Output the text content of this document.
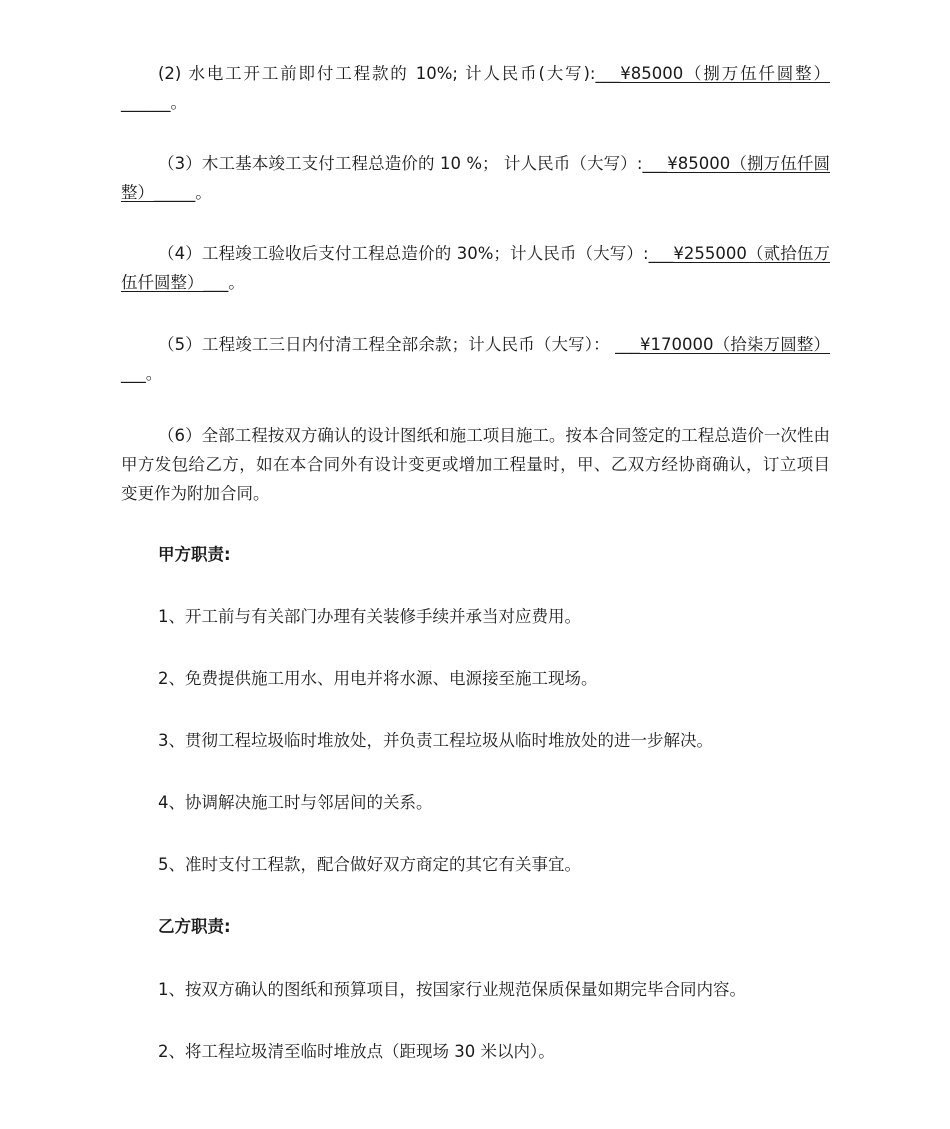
(2) 水电工开工前即付工程款的 10%; 计人民币(大写):___¥85000（捌万伍仟圆整）______。

（3）木工基本竣工支付工程总造价的 10 %； 计人民币（大写）:___¥85000（捌万伍仟圆整）_____。

（4）工程竣工验收后支付工程总造价的 30%；计人民币（大写）:___¥255000（贰拾伍万伍仟圆整）___。

（5）工程竣工三日内付清工程全部余款；计人民币（大写）： ___¥170000（拾柒万圆整）___。

（6）全部工程按双方确认的设计图纸和施工项目施工。按本合同签定的工程总造价一次性由甲方发包给乙方，如在本合同外有设计变更或增加工程量时，甲、乙双方经协商确认，订立项目变更作为附加合同。

甲方职责:

1、开工前与有关部门办理有关装修手续并承当对应费用。

2、免费提供施工用水、用电并将水源、电源接至施工现场。

3、贯彻工程垃圾临时堆放处，并负责工程垃圾从临时堆放处的进一步解决。

4、协调解决施工时与邻居间的关系。

5、准时支付工程款，配合做好双方商定的其它有关事宜。

乙方职责:

1、按双方确认的图纸和预算项目，按国家行业规范保质保量如期完毕合同内容。

2、将工程垃圾清至临时堆放点（距现场 30 米以内）。
